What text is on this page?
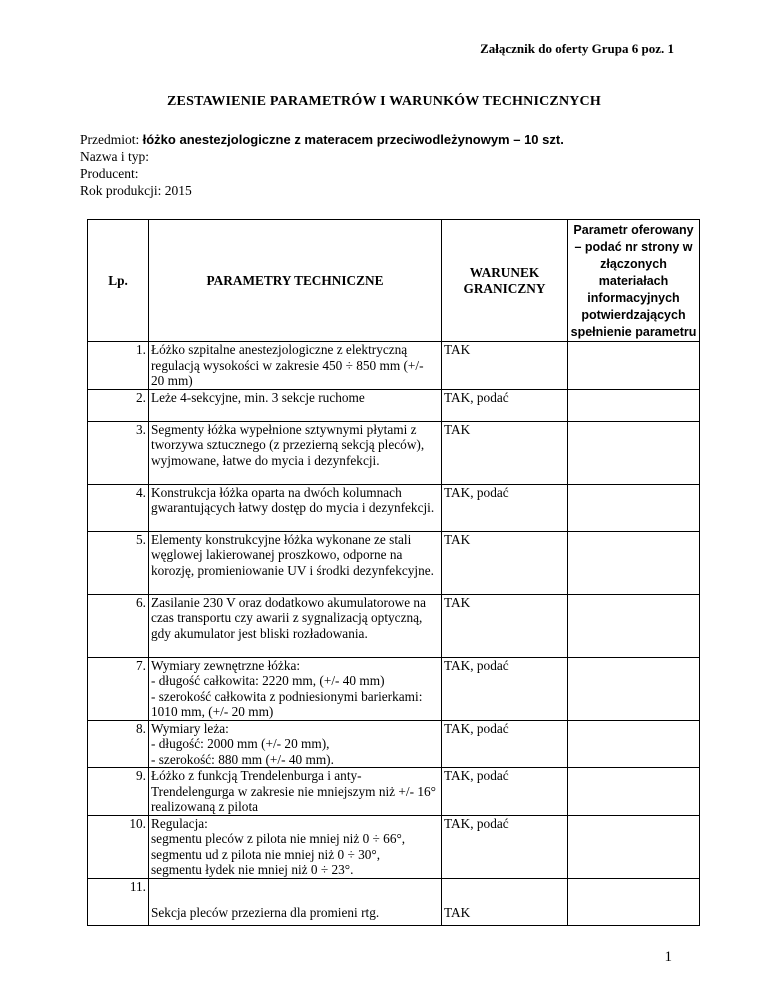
Załącznik do oferty Grupa 6 poz. 1
ZESTAWIENIE PARAMETRÓW I WARUNKÓW TECHNICZNYCH
Przedmiot: łóżko anestezjologiczne z materacem przeciwodleżynowym – 10 szt.
Nazwa i typ:
Producent:
Rok produkcji: 2015
Lp.	PARAMETRY TECHNICZNE	WARUNEK GRANICZNY	Parametr oferowany – podać nr strony w złączonych materiałach informacyjnych potwierdzających spełnienie parametru
1.	Łóżko szpitalne anestezjologiczne z elektryczną regulacją wysokości w zakresie 450 ÷ 850 mm (+/- 20 mm)	TAK	
2.	Leże 4-sekcyjne, min. 3 sekcje ruchome	TAK, podać	
3.	Segmenty łóżka wypełnione sztywnymi płytami z tworzywa sztucznego (z przezierną sekcją pleców), wyjmowane, łatwe do mycia i dezynfekcji.	TAK	
4.	Konstrukcja łóżka oparta na dwóch kolumnach gwarantujących łatwy dostęp do mycia i dezynfekcji.	TAK, podać	
5.	Elementy konstrukcyjne łóżka wykonane ze stali węglowej lakierowanej proszkowo, odporne na korozję, promieniowanie UV i środki dezynfekcyjne.	TAK	
6.	Zasilanie 230 V oraz dodatkowo akumulatorowe na czas transportu czy awarii z sygnalizacją optyczną, gdy akumulator jest bliski rozładowania.	TAK	
7.	Wymiary zewnętrzne łóżka:
- długość całkowita: 2220 mm, (+/- 40 mm)
- szerokość całkowita z podniesionymi barierkami: 1010 mm, (+/- 20 mm)	TAK, podać	
8.	Wymiary leża:
- długość: 2000 mm (+/- 20 mm),
- szerokość: 880 mm (+/- 40 mm).	TAK, podać	
9.	Łóżko z funkcją Trendelenburga i anty-Trendelengurga w zakresie nie mniejszym niż +/- 16° realizowaną z pilota	TAK, podać	
10.	Regulacja:
segmentu pleców z pilota nie mniej niż 0 ÷ 66°,
segmentu ud z pilota nie mniej niż 0 ÷ 30°,
segmentu łydek nie mniej niż 0 ÷ 23°.	TAK, podać	
11.	Sekcja pleców przezierna dla promieni rtg.	TAK	
1
